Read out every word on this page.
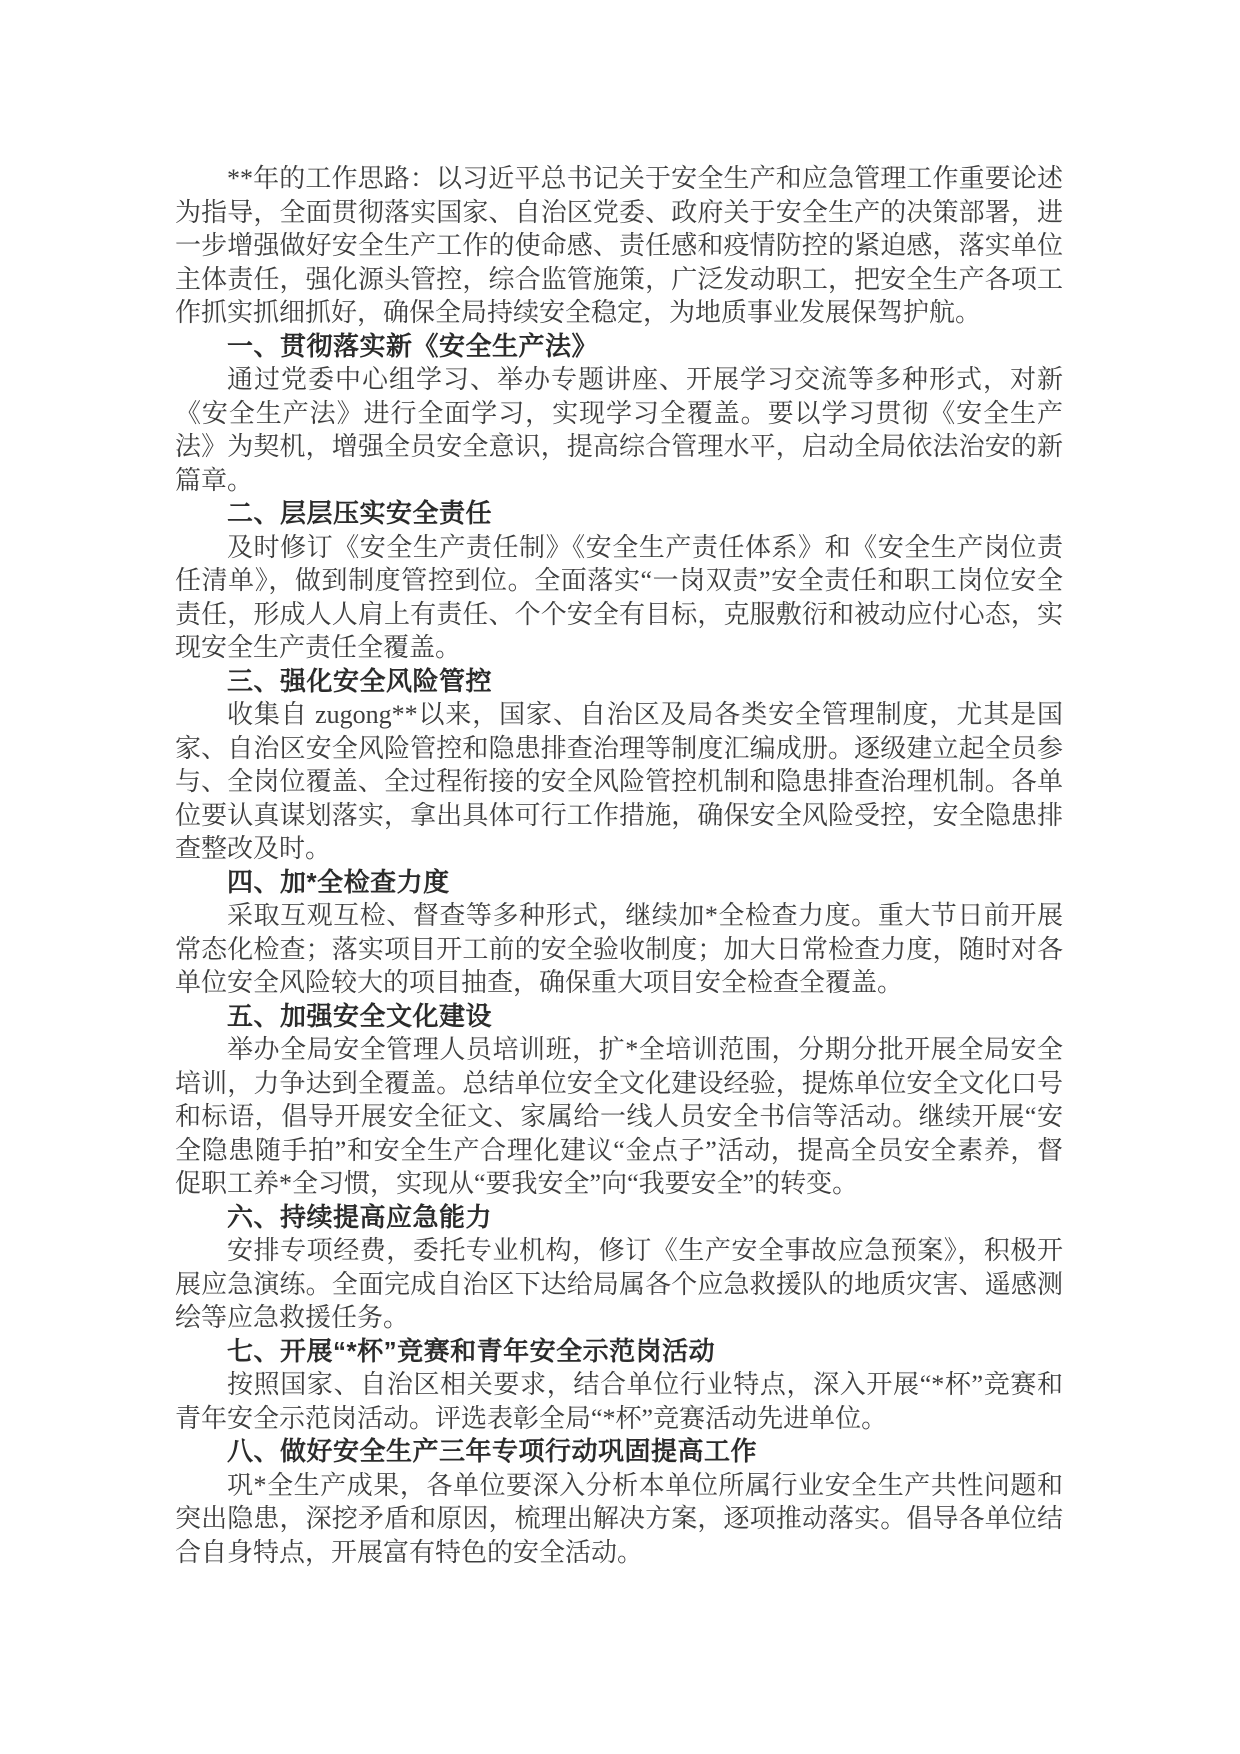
**年的工作思路：以习近平总书记关于安全生产和应急管理工作重要论述为指导，全面贯彻落实国家、自治区党委、政府关于安全生产的决策部署，进一步增强做好安全生产工作的使命感、责任感和疫情防控的紧迫感，落实单位主体责任，强化源头管控，综合监管施策，广泛发动职工，把安全生产各项工作抓实抓细抓好，确保全局持续安全稳定，为地质事业发展保驾护航。

一、贯彻落实新《安全生产法》

通过党委中心组学习、举办专题讲座、开展学习交流等多种形式，对新《安全生产法》进行全面学习，实现学习全覆盖。要以学习贯彻《安全生产法》为契机，增强全员安全意识，提高综合管理水平，启动全局依法治安的新篇章。

二、层层压实安全责任

及时修订《安全生产责任制》《安全生产责任体系》和《安全生产岗位责任清单》，做到制度管控到位。全面落实“一岗双责”安全责任和职工岗位安全责任，形成人人肩上有责任、个个安全有目标，克服敷衍和被动应付心态，实现安全生产责任全覆盖。

三、强化安全风险管控

收集自 zugong**以来，国家、自治区及局各类安全管理制度，尤其是国家、自治区安全风险管控和隐患排查治理等制度汇编成册。逐级建立起全员参与、全岗位覆盖、全过程衔接的安全风险管控机制和隐患排查治理机制。各单位要认真谋划落实，拿出具体可行工作措施，确保安全风险受控，安全隐患排查整改及时。

四、加*全检查力度

采取互观互检、督查等多种形式，继续加*全检查力度。重大节日前开展常态化检查；落实项目开工前的安全验收制度；加大日常检查力度，随时对各单位安全风险较大的项目抽查，确保重大项目安全检查全覆盖。

五、加强安全文化建设

举办全局安全管理人员培训班，扩*全培训范围，分期分批开展全局安全培训，力争达到全覆盖。总结单位安全文化建设经验，提炼单位安全文化口号和标语，倡导开展安全征文、家属给一线人员安全书信等活动。继续开展“安全隐患随手拍”和安全生产合理化建议“金点子”活动，提高全员安全素养，督促职工养*全习惯，实现从“要我安全”向“我要安全”的转变。

六、持续提高应急能力

安排专项经费，委托专业机构，修订《生产安全事故应急预案》，积极开展应急演练。全面完成自治区下达给局属各个应急救援队的地质灾害、遥感测绘等应急救援任务。

七、开展“*杯”竞赛和青年安全示范岗活动

按照国家、自治区相关要求，结合单位行业特点，深入开展“*杯”竞赛和青年安全示范岗活动。评选表彰全局“*杯”竞赛活动先进单位。

八、做好安全生产三年专项行动巩固提高工作

巩*全生产成果，各单位要深入分析本单位所属行业安全生产共性问题和突出隐患，深挖矛盾和原因，梳理出解决方案，逐项推动落实。倡导各单位结合自身特点，开展富有特色的安全活动。
